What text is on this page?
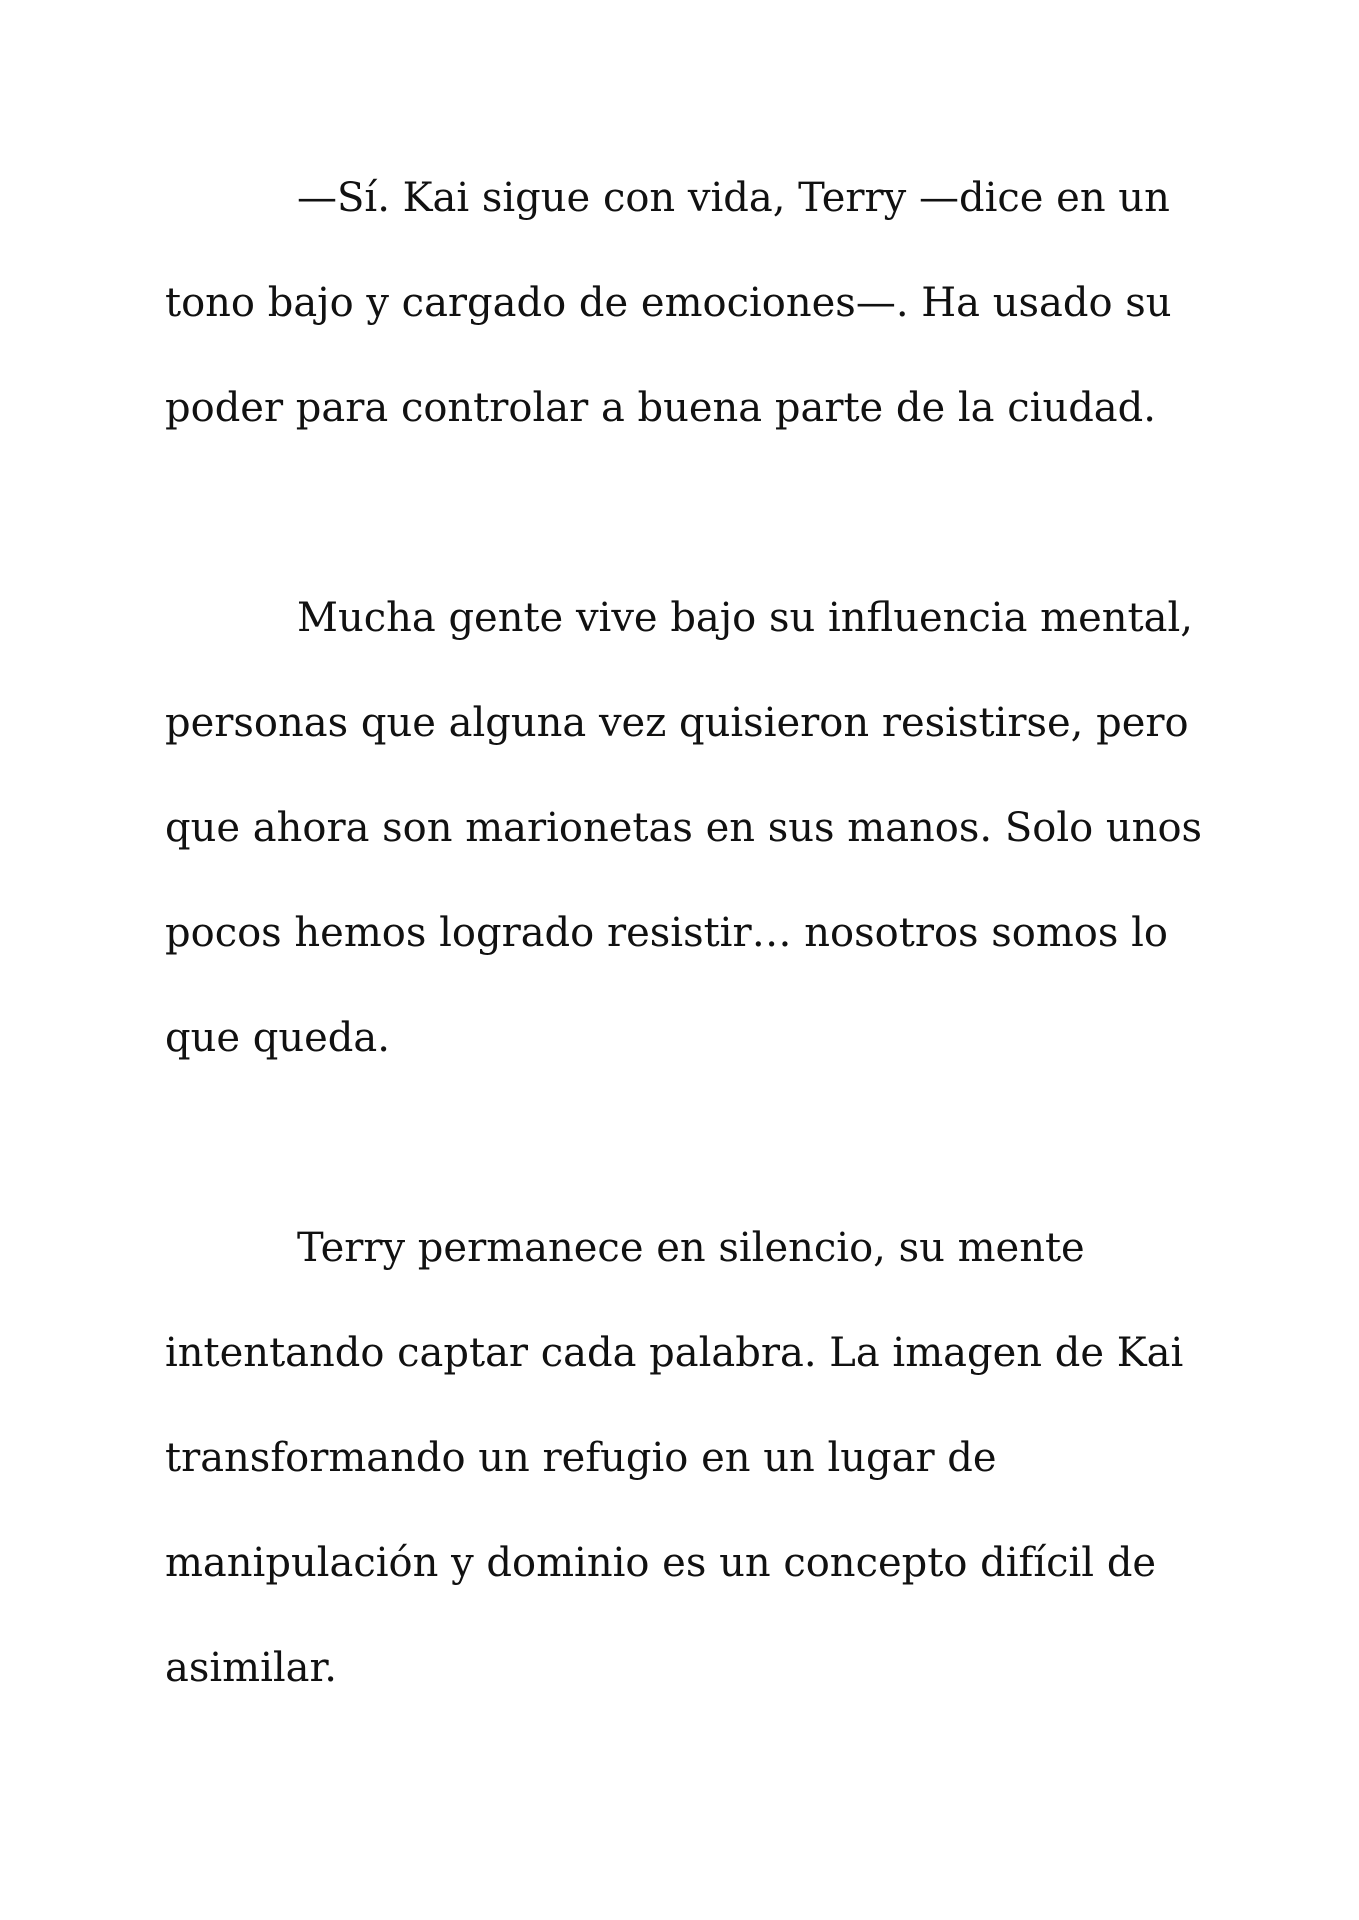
—Sí. Kai sigue con vida, Terry —dice en un
tono bajo y cargado de emociones—. Ha usado su
poder para controlar a buena parte de la ciudad.
Mucha gente vive bajo su influencia mental,
personas que alguna vez quisieron resistirse, pero
que ahora son marionetas en sus manos. Solo unos
pocos hemos logrado resistir… nosotros somos lo
que queda.
Terry permanece en silencio, su mente
intentando captar cada palabra. La imagen de Kai
transformando un refugio en un lugar de
manipulación y dominio es un concepto difícil de
asimilar.
